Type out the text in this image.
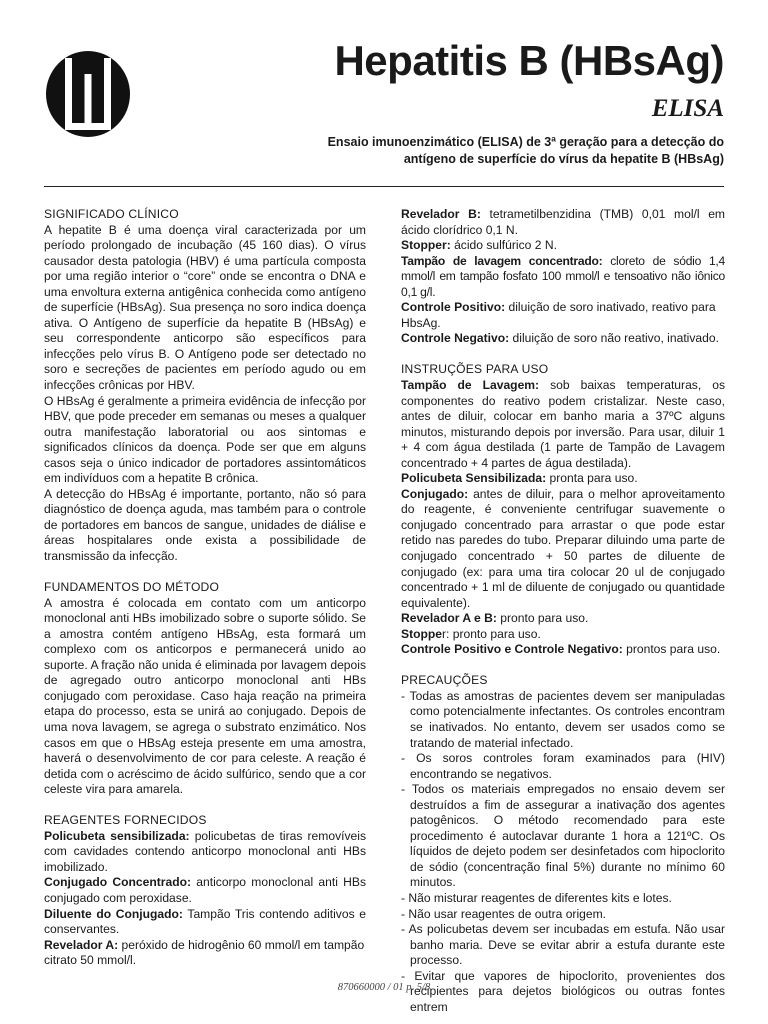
Hepatitis B (HBsAg)
ELISA
Ensaio imunoenzimático (ELISA) de 3ª geração para a detecção do
antígeno de superfície do vírus da hepatite B (HBsAg)
SIGNIFICADO CLÍNICO

A hepatite B é uma doença viral caracterizada por um período prolongado de incubação (45 160 dias). O vírus causador desta patologia (HBV) é uma partícula composta por uma região interior o “core” onde se encontra o DNA e uma envoltura externa antigênica conhecida como antígeno de superfície (HBsAg). Sua presença no soro indica doença ativa. O Antígeno de superfície da hepatite B (HBsAg) e seu correspondente anticorpo são específicos para infecções pelo vírus B. O Antígeno pode ser detectado no soro e secreções de pacientes em período agudo ou em infecções crônicas por HBV.

O HBsAg é geralmente a primeira evidência de infecção por HBV, que pode preceder em semanas ou meses a qualquer outra manifestação laboratorial ou aos sintomas e significados clínicos da doença. Pode ser que em alguns casos seja o único indicador de portadores assintomáticos em indivíduos com a hepatite B crônica.

A detecção do HBsAg é importante, portanto, não só para diagnóstico de doença aguda, mas também para o controle de portadores em bancos de sangue, unidades de diálise e áreas hospitalares onde exista a possibilidade de transmissão da infecção.

FUNDAMENTOS DO MÉTODO

A amostra é colocada em contato com um anticorpo monoclonal anti HBs imobilizado sobre o suporte sólido. Se a amostra contém antígeno HBsAg, esta formará um complexo com os anticorpos e permanecerá unido ao suporte. A fração não unida é eliminada por lavagem depois de agregado outro anticorpo monoclonal anti HBs conjugado com peroxidase. Caso haja reação na primeira etapa do processo, esta se unirá ao conjugado. Depois de uma nova lavagem, se agrega o substrato enzimático. Nos casos em que o HBsAg esteja presente em uma amostra, haverá o desenvolvimento de cor para celeste. A reação é detida com o acréscimo de ácido sulfúrico, sendo que a cor celeste vira para amarela.

REAGENTES FORNECIDOS

Policubeta sensibilizada: policubetas de tiras removíveis com cavidades contendo anticorpo monoclonal anti HBs imobilizado.

Conjugado Concentrado: anticorpo monoclonal anti HBs conjugado com peroxidase.

Diluente do Conjugado: Tampão Tris contendo aditivos e conservantes.

Revelador A: peróxido de hidrogênio 60 mmol/l em tampão citrato 50 mmol/l.

Revelador B: tetrametilbenzidina (TMB) 0,01 mol/l em ácido clorídrico 0,1 N.

Stopper: ácido sulfúrico 2 N.

Tampão de lavagem concentrado: cloreto de sódio 1,4 mmol/l em tampão fosfato 100 mmol/l e tensoativo não iônico 0,1 g/l.

Controle Positivo: diluição de soro inativado, reativo para HbsAg.

Controle Negativo: diluição de soro não reativo, inativado.

INSTRUÇÕES PARA USO

Tampão de Lavagem: sob baixas temperaturas, os componentes do reativo podem cristalizar. Neste caso, antes de diluir, colocar em banho maria a 37ºC alguns minutos, misturando depois por inversão. Para usar, diluir 1 + 4 com água destilada (1 parte de Tampão de Lavagem concentrado + 4 partes de água destilada).

Policubeta Sensibilizada: pronta para uso.

Conjugado: antes de diluir, para o melhor aproveitamento do reagente, é conveniente centrifugar suavemente o conjugado concentrado para arrastar o que pode estar retido nas paredes do tubo. Preparar diluindo uma parte de conjugado concentrado + 50 partes de diluente de conjugado (ex: para uma tira colocar 20 ul de conjugado concentrado + 1 ml de diluente de conjugado ou quantidade equivalente).

Revelador A e B: pronto para uso.

Stopper: pronto para uso.

Controle Positivo e Controle Negativo: prontos para uso.

PRECAUÇÕES
- Todas as amostras de pacientes devem ser manipuladas como potencialmente infectantes. Os controles encontram se inativados. No entanto, devem ser usados como se tratando de material infectado.
- Os soros controles foram examinados para (HIV) encontrando se negativos.
- Todos os materiais empregados no ensaio devem ser destruídos a fim de assegurar a inativação dos agentes patogênicos. O método recomendado para este procedimento é autoclavar durante 1 hora a 121ºC. Os líquidos de dejeto podem ser desinfetados com hipoclorito de sódio (concentração final 5%) durante no mínimo 60 minutos.
- Não misturar reagentes de diferentes kits e lotes.
- Não usar reagentes de outra origem.
- As policubetas devem ser incubadas em estufa. Não usar banho maria. Deve se evitar abrir a estufa durante este processo.
- Evitar que vapores de hipoclorito, provenientes dos recipientes para dejetos biológicos ou outras fontes entrem
870660000 / 01 p. 5/8
